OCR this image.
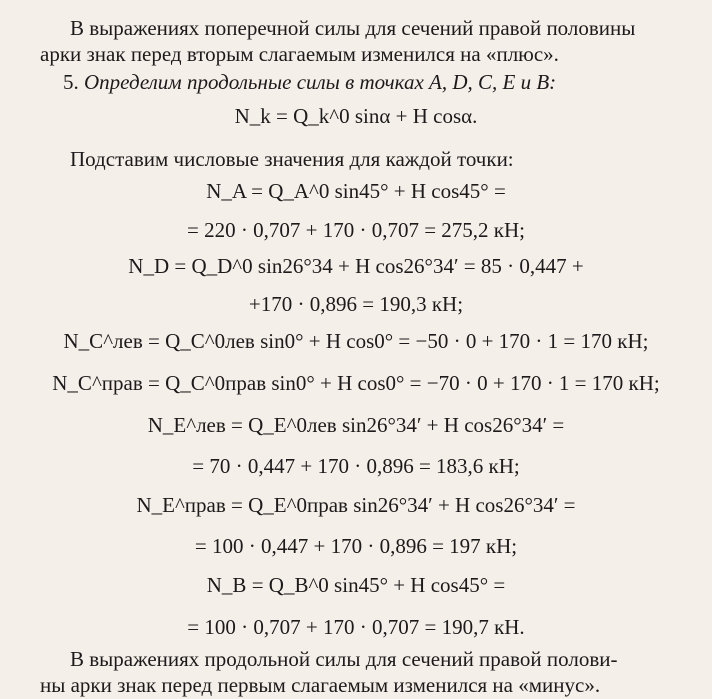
В выражениях поперечной силы для сечений правой половины
арки знак перед вторым слагаемым изменился на «плюс».
5. Определим продольные силы в точках A, D, C, E и B:
N_k = Q_k^0 sinα + H cosα.
Подставим числовые значения для каждой точки:
N_A = Q_A^0 sin45° + H cos45° =
= 220 · 0,707 + 170 · 0,707 = 275,2 кН;
N_D = Q_D^0 sin26°34 + H cos26°34′ = 85 · 0,447 +
+170 · 0,896 = 190,3 кН;
N_C^лев = Q_C^0лев sin0° + H cos0° = −50 · 0 + 170 · 1 = 170 кН;
N_C^прав = Q_C^0прав sin0° + H cos0° = −70 · 0 + 170 · 1 = 170 кН;
N_E^лев = Q_E^0лев sin26°34′ + H cos26°34′ =
= 70 · 0,447 + 170 · 0,896 = 183,6 кН;
N_E^прав = Q_E^0прав sin26°34′ + H cos26°34′ =
= 100 · 0,447 + 170 · 0,896 = 197 кН;
N_B = Q_B^0 sin45° + H cos45° =
= 100 · 0,707 + 170 · 0,707 = 190,7 кН.
В выражениях продольной силы для сечений правой полови-
ны арки знак перед первым слагаемым изменился на «минус».
